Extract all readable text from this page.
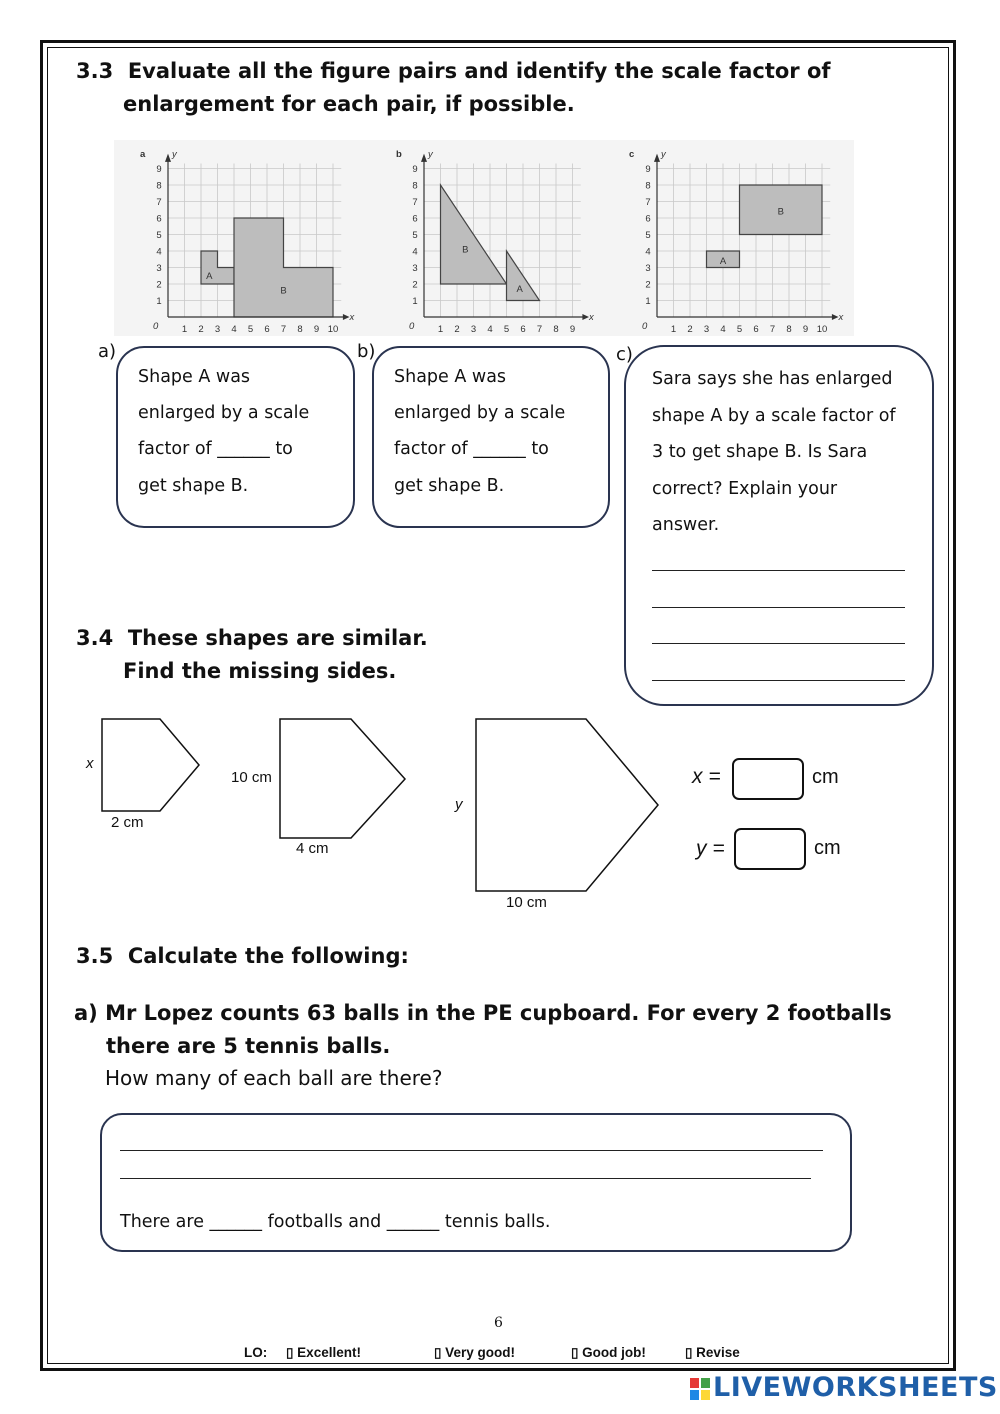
3.3 Evaluate all the figure pairs and identify the scale factor of
enlargement for each pair, if possible.
A
B
1
2
3
4
5
6
7
8
9
1 2 3 4 5 6 7 8 9 10
0
x
y
a
B
A
1
2
3
4
5
6
7
8
9
1 2 3 4 5 6 7 8 9
0
x
y
b
A
B
1
2
3
4
5
6
7
8
9
1 2 3 4 5 6 7 8 9 10
0
x
y
c
a)
Shape A was
enlarged by a scale
factor of ______ to
get shape B.
b)
Shape A was
enlarged by a scale
factor of ______ to
get shape B.
c)
Sara says she has enlarged
shape A by a scale factor of
3 to get shape B. Is Sara
correct? Explain your
answer.
3.4 These shapes are similar.
Find the missing sides.
x
2 cm
10 cm
4 cm
y
10 cm
x =	cm
y =	cm
3.5 Calculate the following:
a) Mr Lopez counts 63 balls in the PE cupboard. For every 2 footballs
there are 5 tennis balls.
How many of each ball are there?
There are ______ footballs and ______ tennis balls.
6
LO: ▯ Excellent!	▯ Very good!	▯ Good job!	▯ Revise
LIVEWORKSHEETS
